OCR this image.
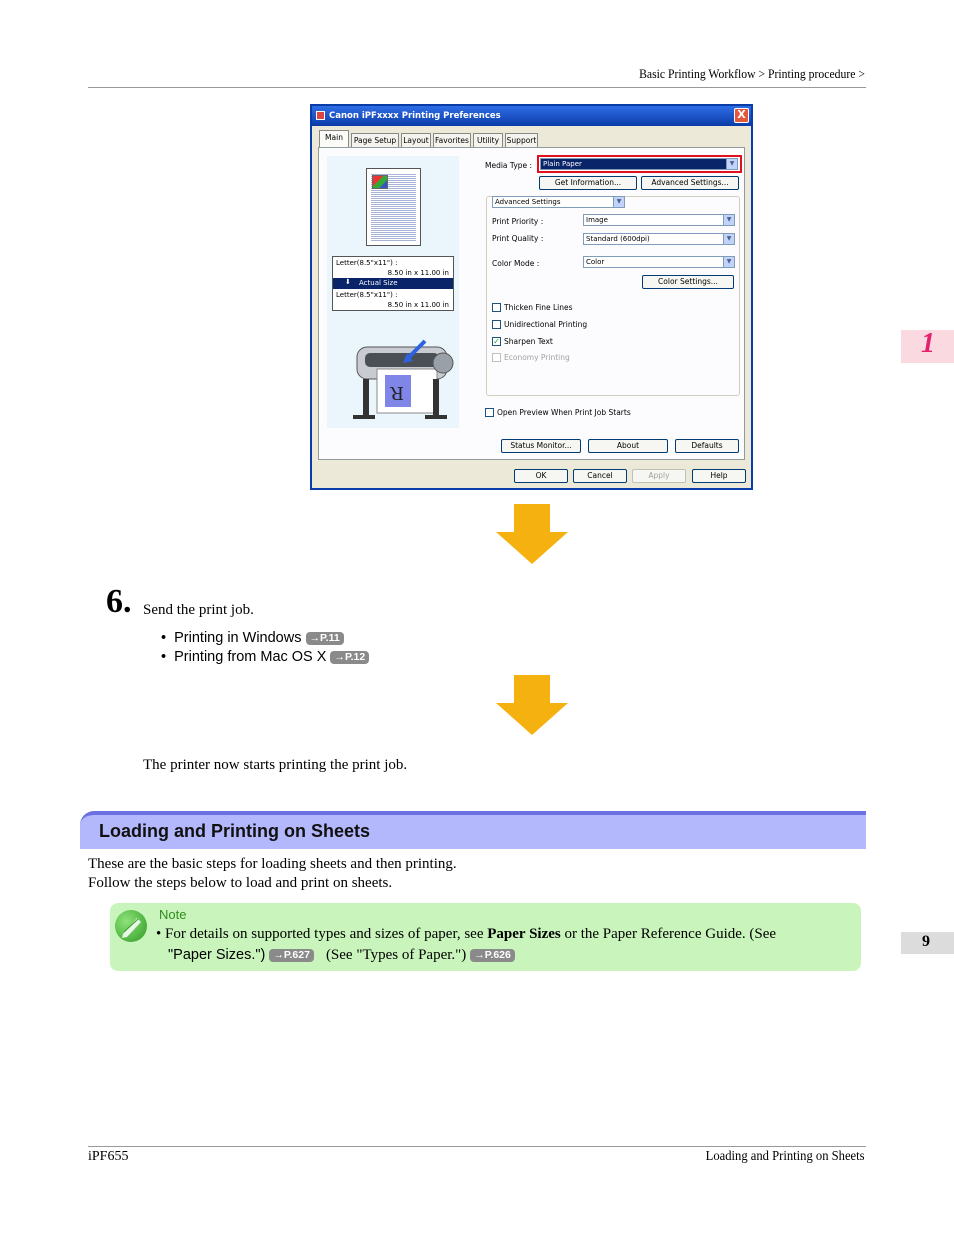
Basic Printing Workflow > Printing procedure >
1
9
Canon iPFxxxx Printing Preferences	X
Main	Page Setup Layout Favorites	Utility	Support
Letter(8.5"x11") :
8.50 in x 11.00 in
⬇ Actual Size
Letter(8.5"x11") :
8.50 in x 11.00 in
R
Media Type :	Plain Paper	▼
Get Information...	Advanced Settings...
Advanced Settings	▼
Print Priority :	Image	▼
Print Quality :	Standard (600dpi)	▼
Color Mode :	Color	▼
Color Settings...
Thicken Fine Lines
Unidirectional Printing
✓ Sharpen Text
Economy Printing
Open Preview When Print Job Starts
Status Monitor...	About	Defaults
OK	Cancel	Apply	Help
6. Send the print job.
• Printing in Windows →P.11
• Printing from Mac OS X →P.12
The printer now starts printing the print job.
Loading and Printing on Sheets
These are the basic steps for loading sheets and then printing.
Follow the steps below to load and print on sheets.
Note
• For details on supported types and sizes of paper, see Paper Sizes or the Paper Reference Guide. (See
"Paper Sizes.") →P.627 (See "Types of Paper.") →P.626
iPF655	Loading and Printing on Sheets
